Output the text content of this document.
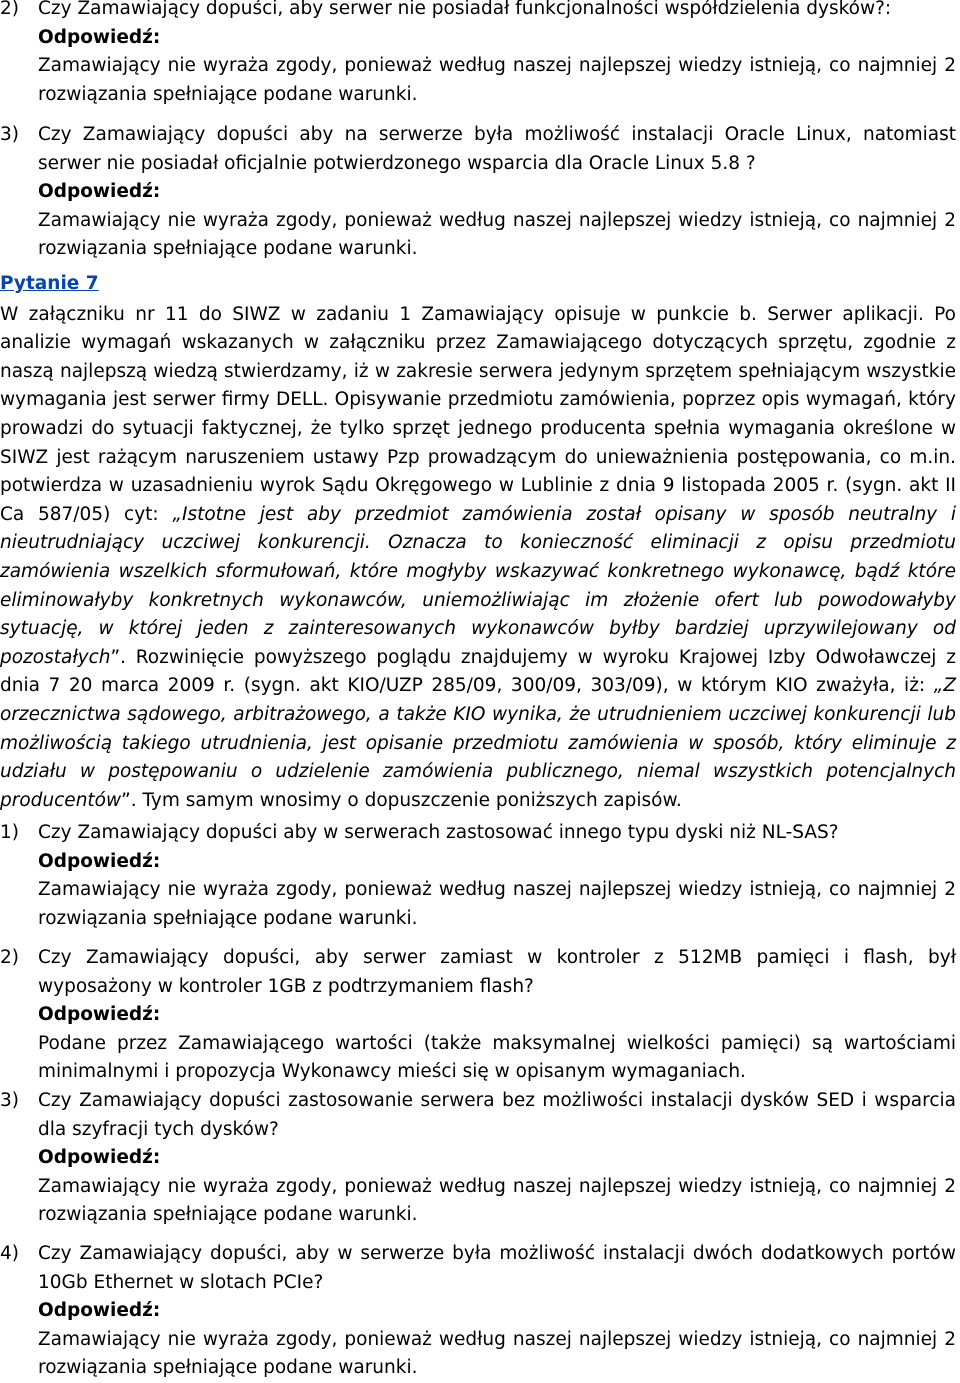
2)	Czy Zamawiający dopuści, aby serwer nie posiadał funkcjonalności współdzielenia dysków?:
Odpowiedź:
Zamawiający nie wyraża zgody, ponieważ według naszej najlepszej wiedzy istnieją, co najmniej 2 rozwiązania spełniające podane warunki.
3)	Czy Zamawiający dopuści aby na serwerze była możliwość instalacji Oracle Linux, natomiast serwer nie posiadał oficjalnie potwierdzonego wsparcia dla Oracle Linux 5.8 ?
Odpowiedź:
Zamawiający nie wyraża zgody, ponieważ według naszej najlepszej wiedzy istnieją, co najmniej 2 rozwiązania spełniające podane warunki.
Pytanie 7
W załączniku nr 11 do SIWZ w zadaniu 1 Zamawiający opisuje w punkcie b. Serwer aplikacji. Po analizie wymagań wskazanych w załączniku przez Zamawiającego dotyczących sprzętu, zgodnie z naszą najlepszą wiedzą stwierdzamy, iż w zakresie serwera jedynym sprzętem spełniającym wszystkie wymagania jest serwer firmy DELL. Opisywanie przedmiotu zamówienia, poprzez opis wymagań, który prowadzi do sytuacji faktycznej, że tylko sprzęt jednego producenta spełnia wymagania określone w SIWZ jest rażącym naruszeniem ustawy Pzp prowadzącym do unieważnienia postępowania, co m.in. potwierdza w uzasadnieniu wyrok Sądu Okręgowego w Lublinie z dnia 9 listopada 2005 r. (sygn. akt II Ca 587/05) cyt: „Istotne jest aby przedmiot zamówienia został opisany w sposób neutralny i nieutrudniający uczciwej konkurencji. Oznacza to konieczność eliminacji z opisu przedmiotu zamówienia wszelkich sformułowań, które mogłyby wskazywać konkretnego wykonawcę, bądź które eliminowałyby konkretnych wykonawców, uniemożliwiając im złożenie ofert lub powodowałyby sytuację, w której jeden z zainteresowanych wykonawców byłby bardziej uprzywilejowany od pozostałych”. Rozwinięcie powyższego poglądu znajdujemy w wyroku Krajowej Izby Odwoławczej z dnia 7 20 marca 2009 r. (sygn. akt KIO/UZP 285/09, 300/09, 303/09), w którym KIO zważyła, iż: „Z orzecznictwa sądowego, arbitrażowego, a także KIO wynika, że utrudnieniem uczciwej konkurencji lub możliwością takiego utrudnienia, jest opisanie przedmiotu zamówienia w sposób, który eliminuje z udziału w postępowaniu o udzielenie zamówienia publicznego, niemal wszystkich potencjalnych producentów”. Tym samym wnosimy o dopuszczenie poniższych zapisów.
1)	Czy Zamawiający dopuści aby w serwerach zastosować innego typu dyski niż NL-SAS?
Odpowiedź:
Zamawiający nie wyraża zgody, ponieważ według naszej najlepszej wiedzy istnieją, co najmniej 2 rozwiązania spełniające podane warunki.
2)	Czy Zamawiający dopuści, aby serwer zamiast w kontroler z 512MB pamięci i flash, był wyposażony w kontroler 1GB z podtrzymaniem flash?
Odpowiedź:
Podane przez Zamawiającego wartości (także maksymalnej wielkości pamięci) są wartościami minimalnymi i propozycja Wykonawcy mieści się w opisanym wymaganiach.
3)	Czy Zamawiający dopuści zastosowanie serwera bez możliwości instalacji dysków SED i wsparcia dla szyfracji tych dysków?
Odpowiedź:
Zamawiający nie wyraża zgody, ponieważ według naszej najlepszej wiedzy istnieją, co najmniej 2 rozwiązania spełniające podane warunki.
4)	Czy Zamawiający dopuści, aby w serwerze była możliwość instalacji dwóch dodatkowych portów 10Gb Ethernet w slotach PCIe?
Odpowiedź:
Zamawiający nie wyraża zgody, ponieważ według naszej najlepszej wiedzy istnieją, co najmniej 2 rozwiązania spełniające podane warunki.
